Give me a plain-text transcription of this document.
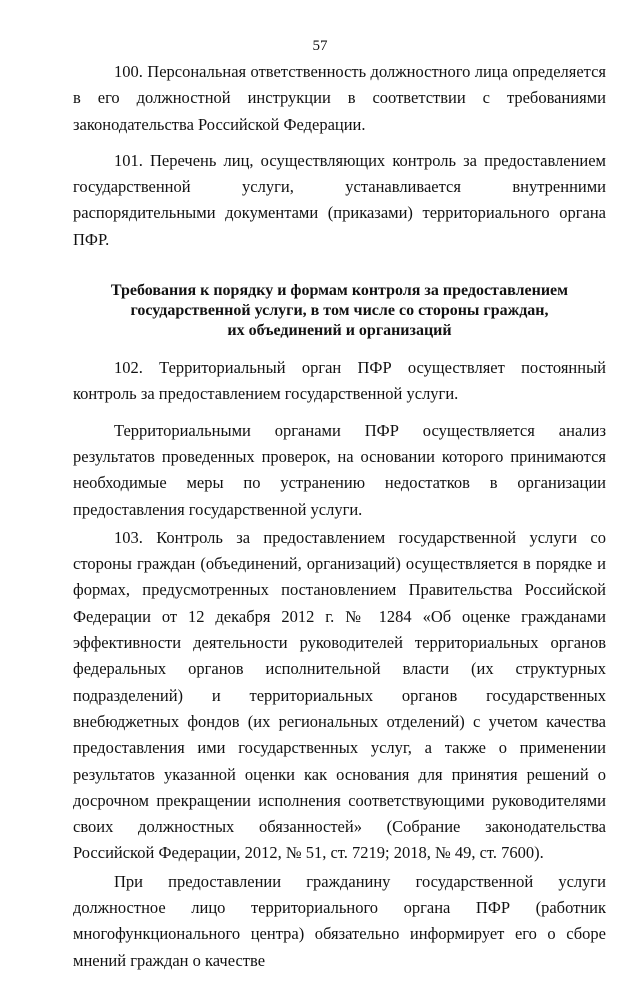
57

100. Персональная ответственность должностного лица определяется в его должностной инструкции в соответствии с требованиями законодательства Российской Федерации.

101. Перечень лиц, осуществляющих контроль за предоставлением государственной услуги, устанавливается внутренними распорядительными документами (приказами) территориального органа ПФР.

Требования к порядку и формам контроля за предоставлением
государственной услуги, в том числе со стороны граждан,
их объединений и организаций

102. Территориальный орган ПФР осуществляет постоянный контроль за предоставлением государственной услуги.

Территориальными органами ПФР осуществляется анализ результатов проведенных проверок, на основании которого принимаются необходимые меры по устранению недостатков в организации предоставления государственной услуги.

103. Контроль за предоставлением государственной услуги со стороны граждан (объединений, организаций) осуществляется в порядке и формах, предусмотренных постановлением Правительства Российской Федерации от 12 декабря 2012 г. № 1284 «Об оценке гражданами эффективности деятельности руководителей территориальных органов федеральных органов исполнительной власти (их структурных подразделений) и территориальных органов государственных внебюджетных фондов (их региональных отделений) с учетом качества предоставления ими государственных услуг, а также о применении результатов указанной оценки как основания для принятия решений о досрочном прекращении исполнения соответствующими руководителями своих должностных обязанностей» (Собрание законодательства Российской Федерации, 2012, № 51, ст. 7219; 2018, № 49, ст. 7600).

При предоставлении гражданину государственной услуги должностное лицо территориального органа ПФР (работник многофункционального центра) обязательно информирует его о сборе мнений граждан о качестве
